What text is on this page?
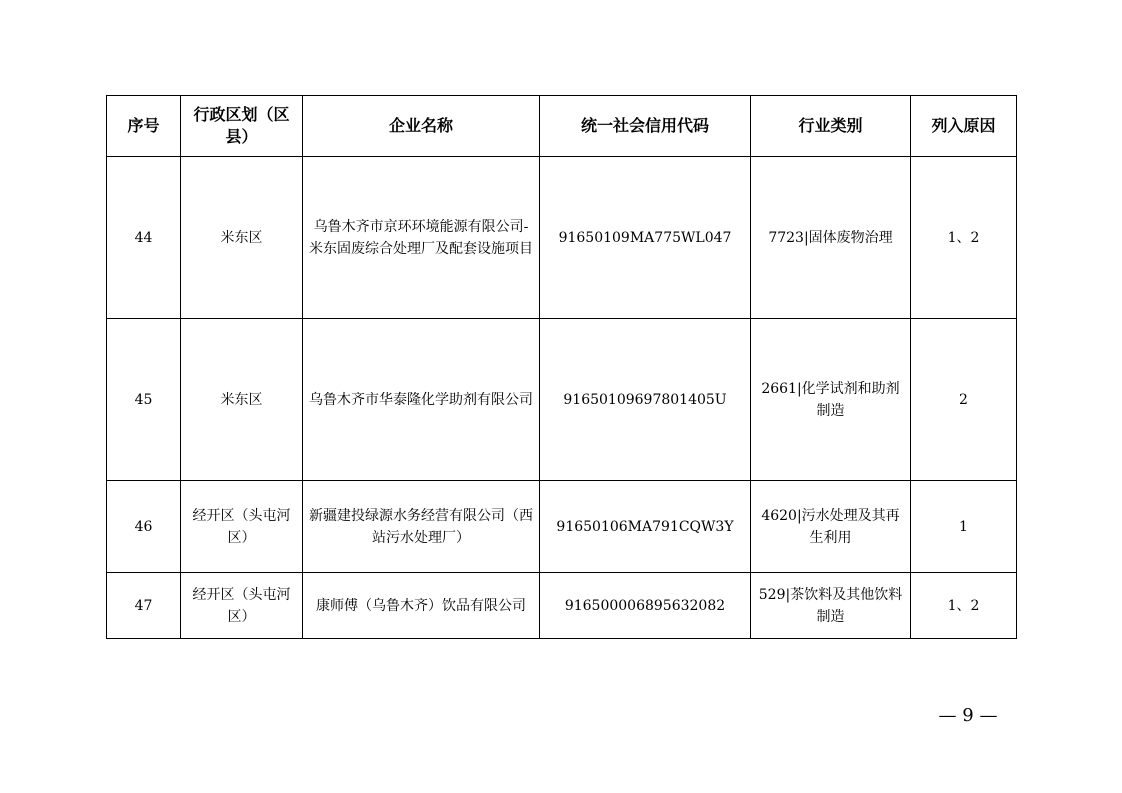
序号	行政区划（区县）	企业名称	统一社会信用代码	行业类别	列入原因
44	米东区	乌鲁木齐市京环环境能源有限公司-米东固废综合处理厂及配套设施项目	91650109MA775WL047	7723|固体废物治理	1、2
45	米东区	乌鲁木齐市华泰隆化学助剂有限公司	91650109697801405U	2661|化学试剂和助剂制造	2
46	经开区（头屯河区）	新疆建投绿源水务经营有限公司（西站污水处理厂）	91650106MA791CQW3Y	4620|污水处理及其再生利用	1
47	经开区（头屯河区）	康师傅（乌鲁木齐）饮品有限公司	916500006895632082	529|茶饮料及其他饮料制造	1、2
— 9 —
